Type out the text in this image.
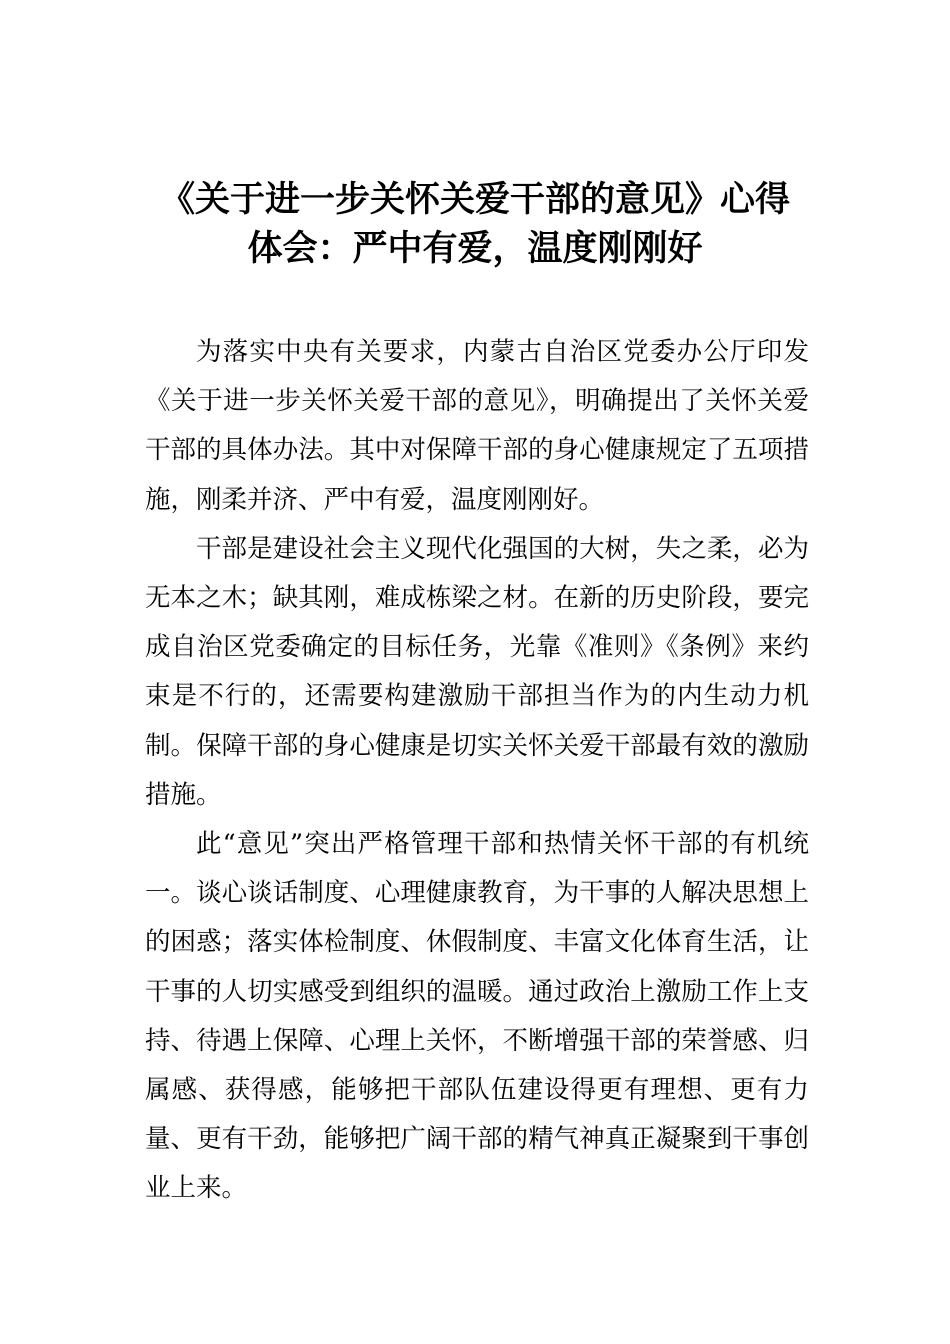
《关于进一步关怀关爱干部的意见》心得
体会：严中有爱，温度刚刚好

为落实中央有关要求，内蒙古自治区党委办公厅印发《关于进一步关怀关爱干部的意见》，明确提出了关怀关爱干部的具体办法。其中对保障干部的身心健康规定了五项措施，刚柔并济、严中有爱，温度刚刚好。

干部是建设社会主义现代化强国的大树，失之柔，必为无本之木；缺其刚，难成栋梁之材。在新的历史阶段，要完成自治区党委确定的目标任务，光靠《准则》《条例》来约束是不行的，还需要构建激励干部担当作为的内生动力机制。保障干部的身心健康是切实关怀关爱干部最有效的激励措施。

此“意见”突出严格管理干部和热情关怀干部的有机统一。谈心谈话制度、心理健康教育，为干事的人解决思想上的困惑；落实体检制度、休假制度、丰富文化体育生活，让干事的人切实感受到组织的温暖。通过政治上激励工作上支持、待遇上保障、心理上关怀，不断增强干部的荣誉感、归属感、获得感，能够把干部队伍建设得更有理想、更有力量、更有干劲，能够把广阔干部的精气神真正凝聚到干事创业上来。
